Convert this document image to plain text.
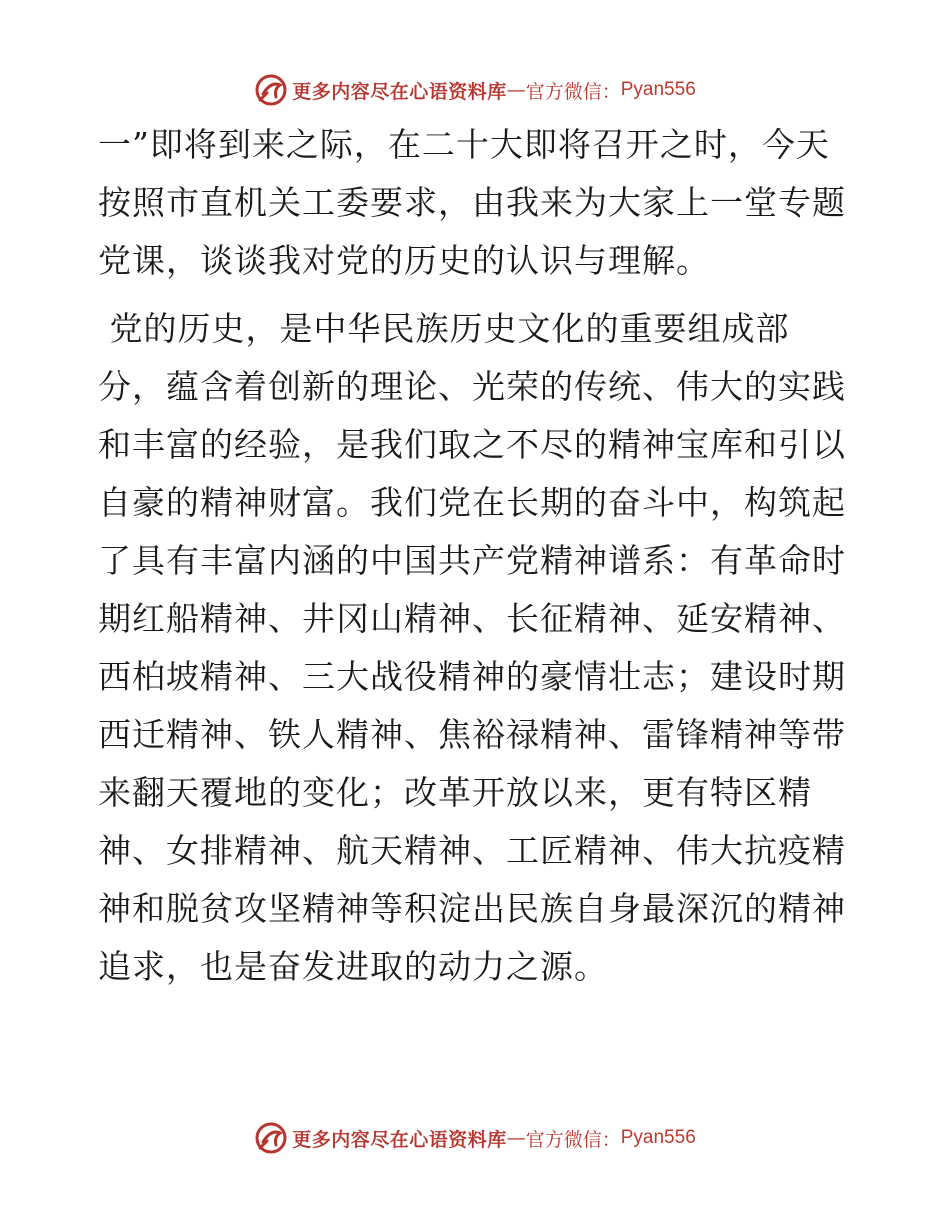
更多内容尽在心语资料库 — 官方微信： Pyan556

一”即将到来之际，在二十大即将召开之时，今天
按照市直机关工委要求，由我来为大家上一堂专题
党课，谈谈我对党的历史的认识与理解。

党的历史，是中华民族历史文化的重要组成部
分，蕴含着创新的理论、光荣的传统、伟大的实践
和丰富的经验，是我们取之不尽的精神宝库和引以
自豪的精神财富。我们党在长期的奋斗中，构筑起
了具有丰富内涵的中国共产党精神谱系：有革命时
期红船精神、井冈山精神、长征精神、延安精神、
西柏坡精神、三大战役精神的豪情壮志；建设时期
西迁精神、铁人精神、焦裕禄精神、雷锋精神等带
来翻天覆地的变化；改革开放以来，更有特区精
神、女排精神、航天精神、工匠精神、伟大抗疫精
神和脱贫攻坚精神等积淀出民族自身最深沉的精神
追求，也是奋发进取的动力之源。

更多内容尽在心语资料库 — 官方微信： Pyan556
